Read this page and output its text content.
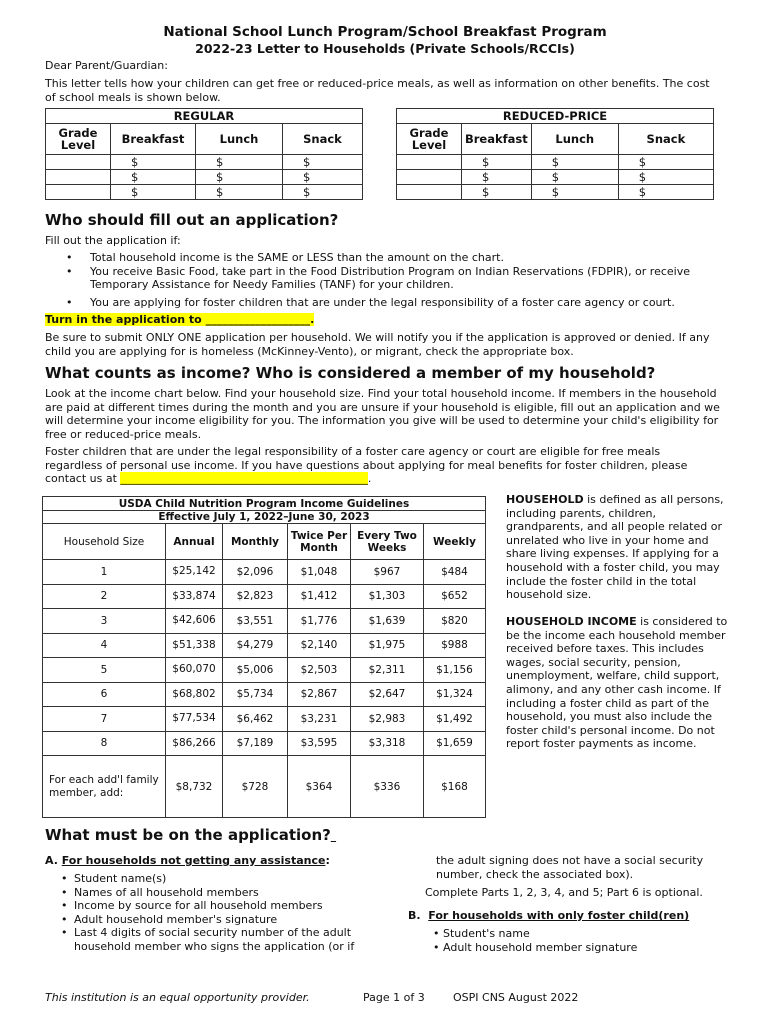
National School Lunch Program/School Breakfast Program
2022-23 Letter to Households (Private Schools/RCCIs)
Dear Parent/Guardian:
This letter tells how your children can get free or reduced-price meals, as well as information on other benefits. The cost of school meals is shown below.
REGULAR			
Grade Level	Breakfast	Lunch	Snack
	$	$	$
	$	$	$
	$	$	$
REDUCED-PRICE			
Grade Level	Breakfast	Lunch	Snack
	$	$	$
	$	$	$
	$	$	$
Who should fill out an application?
Fill out the application if:
• Total household income is the SAME or LESS than the amount on the chart.
• You receive Basic Food, take part in the Food Distribution Program on Indian Reservations (FDPIR), or receive Temporary Assistance for Needy Families (TANF) for your children.
• You are applying for foster children that are under the legal responsibility of a foster care agency or court.
Turn in the application to ___________________.
Be sure to submit ONLY ONE application per household. We will notify you if the application is approved or denied. If any child you are applying for is homeless (McKinney-Vento), or migrant, check the appropriate box.
What counts as income? Who is considered a member of my household?
Look at the income chart below. Find your household size. Find your total household income. If members in the household are paid at different times during the month and you are unsure if your household is eligible, fill out an application and we will determine your income eligibility for you. The information you give will be used to determine your child's eligibility for free or reduced-price meals.
Foster children that are under the legal responsibility of a foster care agency or court are eligible for free meals regardless of personal use income. If you have questions about applying for meal benefits for foster children, please contact us at _____________________________________________.
USDA Child Nutrition Program Income Guidelines					
Effective July 1, 2022–June 30, 2023					
Household Size	Annual	Monthly	Twice Per Month	Every Two Weeks	Weekly
1	$25,142	$2,096	$1,048	$967	$484
2	$33,874	$2,823	$1,412	$1,303	$652
3	$42,606	$3,551	$1,776	$1,639	$820
4	$51,338	$4,279	$2,140	$1,975	$988
5	$60,070	$5,006	$2,503	$2,311	$1,156
6	$68,802	$5,734	$2,867	$2,647	$1,324
7	$77,534	$6,462	$3,231	$2,983	$1,492
8	$86,266	$7,189	$3,595	$3,318	$1,659
For each add'l family member, add:	$8,732	$728	$364	$336	$168
HOUSEHOLD is defined as all persons, including parents, children, grandparents, and all people related or unrelated who live in your home and share living expenses. If applying for a household with a foster child, you may include the foster child in the total household size.
HOUSEHOLD INCOME is considered to be the income each household member received before taxes. This includes wages, social security, pension, unemployment, welfare, child support, alimony, and any other cash income. If including a foster child as part of the household, you must also include the foster child's personal income. Do not report foster payments as income.
What must be on the application?
A. For households not getting any assistance:
• Student name(s)
• Names of all household members
• Income by source for all household members
• Adult household member's signature
• Last 4 digits of social security number of the adult household member who signs the application (or if
the adult signing does not have a social security number, check the associated box).
Complete Parts 1, 2, 3, 4, and 5; Part 6 is optional.
B.  For households with only foster child(ren)
• Student's name
• Adult household member signature
This institution is an equal opportunity provider.	Page 1 of 3	OSPI CNS August 2022
